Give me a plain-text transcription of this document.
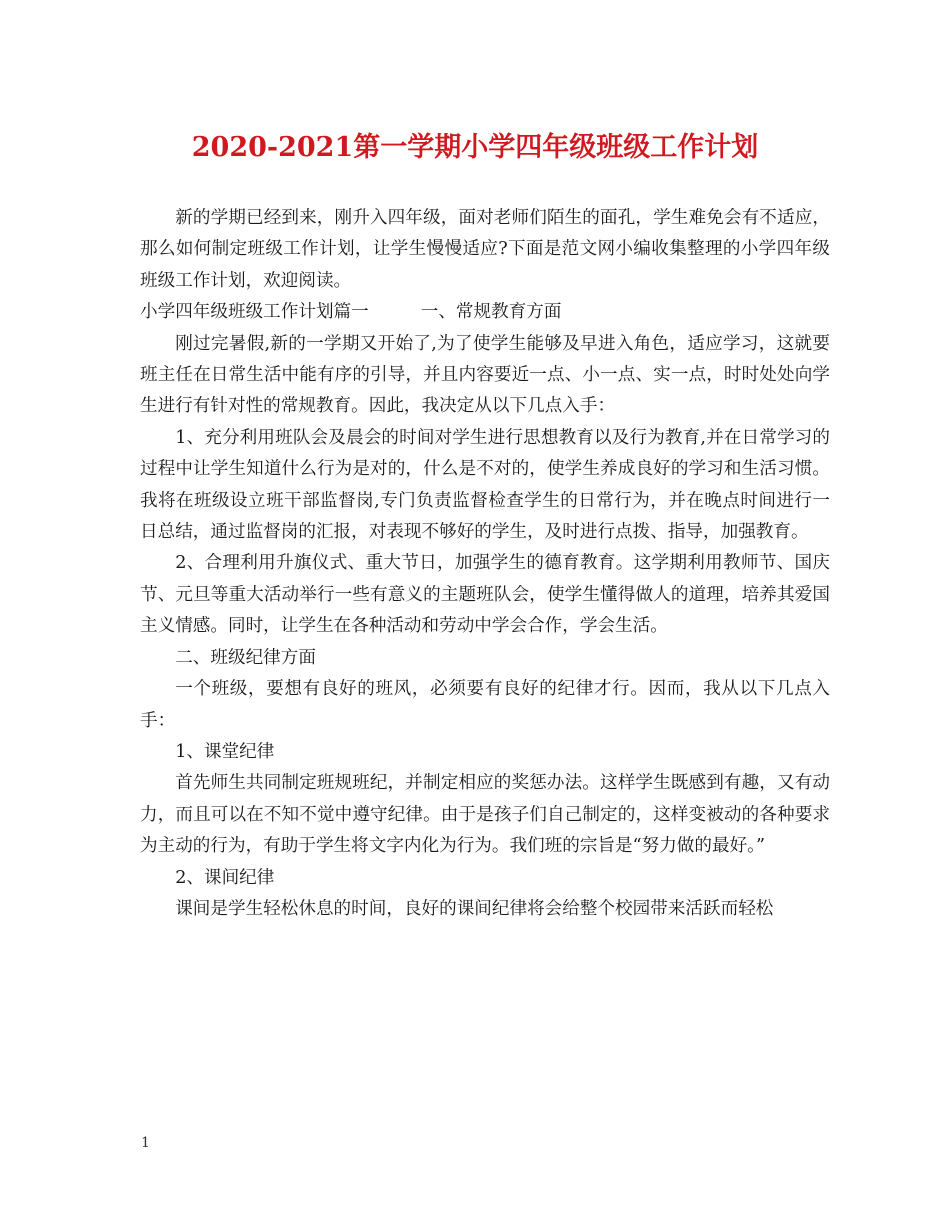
2020-2021第一学期小学四年级班级工作计划

新的学期已经到来，刚升入四年级，面对老师们陌生的面孔，学生难免会有不适应，那么如何制定班级工作计划，让学生慢慢适应?下面是范文网小编收集整理的小学四年级班级工作计划，欢迎阅读。

小学四年级班级工作计划篇一	一、常规教育方面

刚过完暑假,新的一学期又开始了,为了使学生能够及早进入角色，适应学习，这就要班主任在日常生活中能有序的引导，并且内容要近一点、小一点、实一点，时时处处向学生进行有针对性的常规教育。因此，我决定从以下几点入手：

1、充分利用班队会及晨会的时间对学生进行思想教育以及行为教育,并在日常学习的过程中让学生知道什么行为是对的，什么是不对的，使学生养成良好的学习和生活习惯。我将在班级设立班干部监督岗,专门负责监督检查学生的日常行为，并在晚点时间进行一日总结，通过监督岗的汇报，对表现不够好的学生，及时进行点拨、指导，加强教育。

2、合理利用升旗仪式、重大节日，加强学生的德育教育。这学期利用教师节、国庆节、元旦等重大活动举行一些有意义的主题班队会，使学生懂得做人的道理，培养其爱国主义情感。同时，让学生在各种活动和劳动中学会合作，学会生活。

二、班级纪律方面

一个班级，要想有良好的班风，必须要有良好的纪律才行。因而，我从以下几点入手：

1、课堂纪律

首先师生共同制定班规班纪，并制定相应的奖惩办法。这样学生既感到有趣，又有动力，而且可以在不知不觉中遵守纪律。由于是孩子们自己制定的，这样变被动的各种要求为主动的行为，有助于学生将文字内化为行为。我们班的宗旨是“努力做的最好。”

2、课间纪律

课间是学生轻松休息的时间，良好的课间纪律将会给整个校园带来活跃而轻松

1
